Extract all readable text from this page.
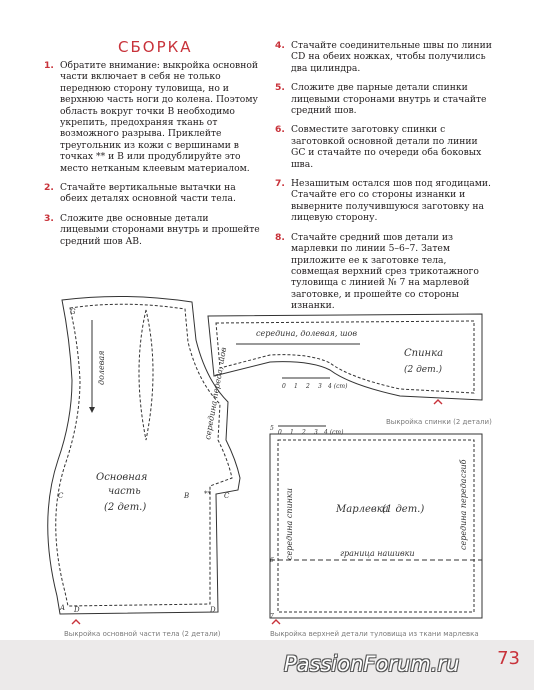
СБОРКА
1. Обратите внимание: выкройка основной части включает в себя не только переднюю сторону туловища, но и верхнюю часть ноги до колена. Поэтому область вокруг точки B необходимо укрепить, предохраняя ткань от возможного разрыва. Приклейте треугольник из кожи с вершинами в точках ** и B или продублируйте это место нетканым клеевым материалом.
2. Стачайте вертикальные вытачки на обеих деталях основной части тела.
3. Сложите две основные детали лицевыми сторонами внутрь и прошейте средний шов AB.
4. Стачайте соединительные швы по линии CD на обеих ножках, чтобы получились два цилиндра.
5. Сложите две парные детали спинки лицевыми сторонами внутрь и стачайте средний шов.
6. Совместите заготовку спинки с заготовкой основной детали по линии GC и стачайте по очереди оба боковых шва.
7. Незашитым остался шов под ягодицами. Стачайте его со стороны изнанки и выверните получившуюся заготовку на лицевую сторону.
8. Стачайте средний шов детали из марлевки по линии 5–6–7. Затем приложите ее к заготовке тела, совмещая верхний срез трикотажного туловища с линией № 7 на марлевой заготовке, и прошейте со стороны изнанки.
Основная
часть
(2 дет.)
долевая	середина переда, шов	Спинка
(2 дет.)
середина, долевая, шов
Марлевка
(1 дет.)
середина спинки	середина переда
сгиб
граница нашивки
0 1 2 3 4 (cm)
0 1 2 3 4 (cm)
G
B **
C	C
D	D
A
5
6
7
Выкройка спинки (2 детали)
Выкройка основной части тела (2 детали)	Выкройка верхней детали туловища из ткани марлевка
PassionForum.ru 73
